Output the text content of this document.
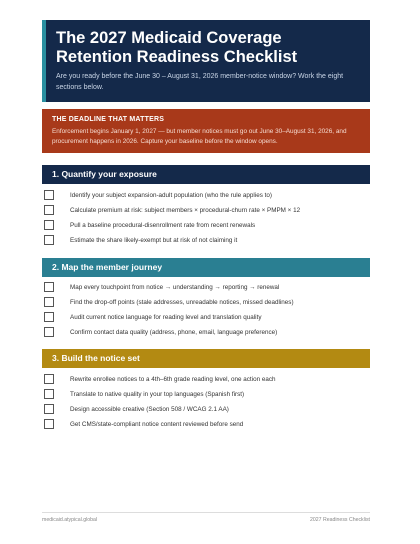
The 2027 Medicaid Coverage Retention Readiness Checklist

Are you ready before the June 30 – August 31, 2026 member-notice window? Work the eight sections below.

THE DEADLINE THAT MATTERS
Enforcement begins January 1, 2027 — but member notices must go out June 30–August 31, 2026, and procurement happens in 2026. Capture your baseline before the window opens.
1. Quantify your exposure
Identify your subject expansion-adult population (who the rule applies to)
Calculate premium at risk: subject members × procedural-churn rate × PMPM × 12
Pull a baseline procedural-disenrollment rate from recent renewals
Estimate the share likely-exempt but at risk of not claiming it
2. Map the member journey
Map every touchpoint from notice → understanding → reporting → renewal
Find the drop-off points (stale addresses, unreadable notices, missed deadlines)
Audit current notice language for reading level and translation quality
Confirm contact data quality (address, phone, email, language preference)
3. Build the notice set
Rewrite enrollee notices to a 4th–6th grade reading level, one action each
Translate to native quality in your top languages (Spanish first)
Design accessible creative (Section 508 / WCAG 2.1 AA)
Get CMS/state-compliant notice content reviewed before send
medicaid.atypical.global	2027 Readiness Checklist
